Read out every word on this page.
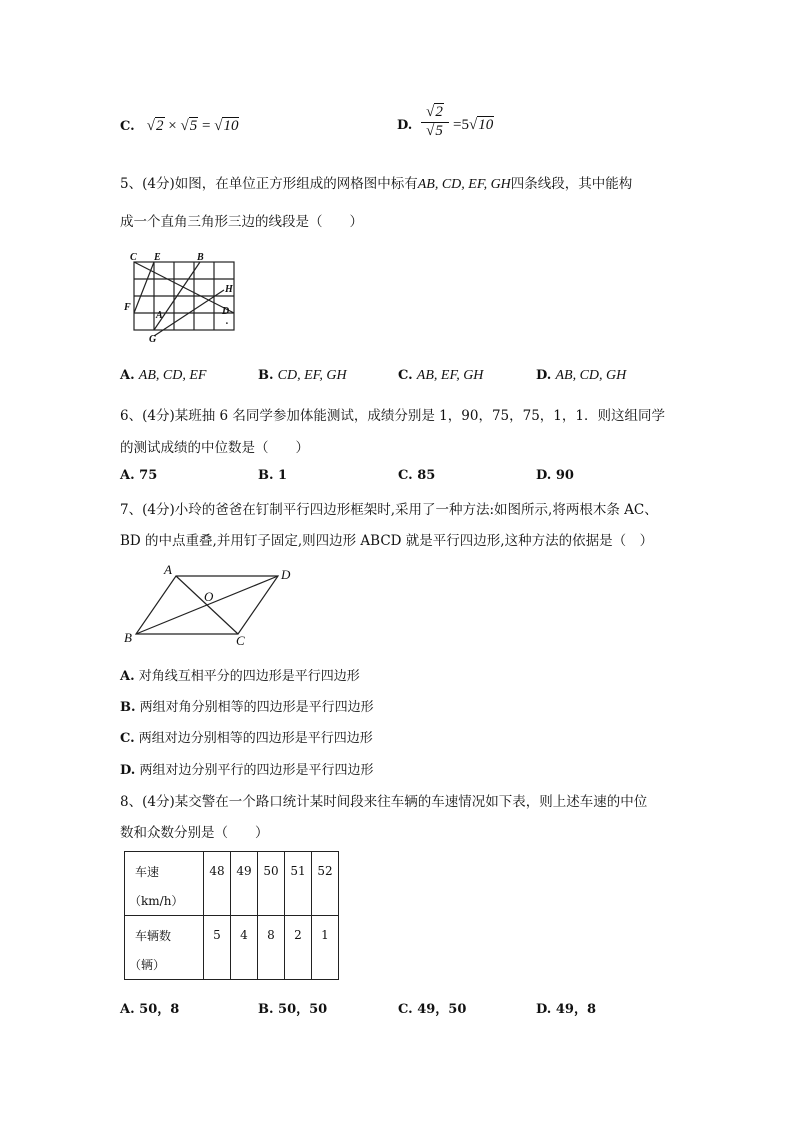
C. √2 × √5 = √10	D.
√2
√5 =5√10
5、(4分)如图，在单位正方形组成的网格图中标有AB, CD, EF, GH四条线段，其中能构
成一个直角三角形三边的线段是（　　）
C E	B
H
F
A	D
.
G
A. AB, CD, EF	B. CD, EF, GH	C. AB, EF, GH	D. AB, CD, GH
6、(4分)某班抽 6 名同学参加体能测试，成绩分别是 1，90，75，75，1，1．则这组同学
的测试成绩的中位数是（　　）
A. 75	B. 1	C. 85	D. 90
7、(4分)小玲的爸爸在钉制平行四边形框架时,采用了一种方法:如图所示,将两根木条 AC、
BD 的中点重叠,并用钉子固定,则四边形 ABCD 就是平行四边形,这种方法的依据是（　）
A	D
O
B	C
A. 对角线互相平分的四边形是平行四边形
B. 两组对角分别相等的四边形是平行四边形
C. 两组对边分别相等的四边形是平行四边形
D. 两组对边分别平行的四边形是平行四边形
8、(4分)某交警在一个路口统计某时间段来往车辆的车速情况如下表，则上述车速的中位
数和众数分别是（　　）
车速
（km/h）	48	49	50	51	52

车辆数
（辆）	5	4	8	2	1
A. 50，8	B. 50，50	C. 49，50	D. 49，8
